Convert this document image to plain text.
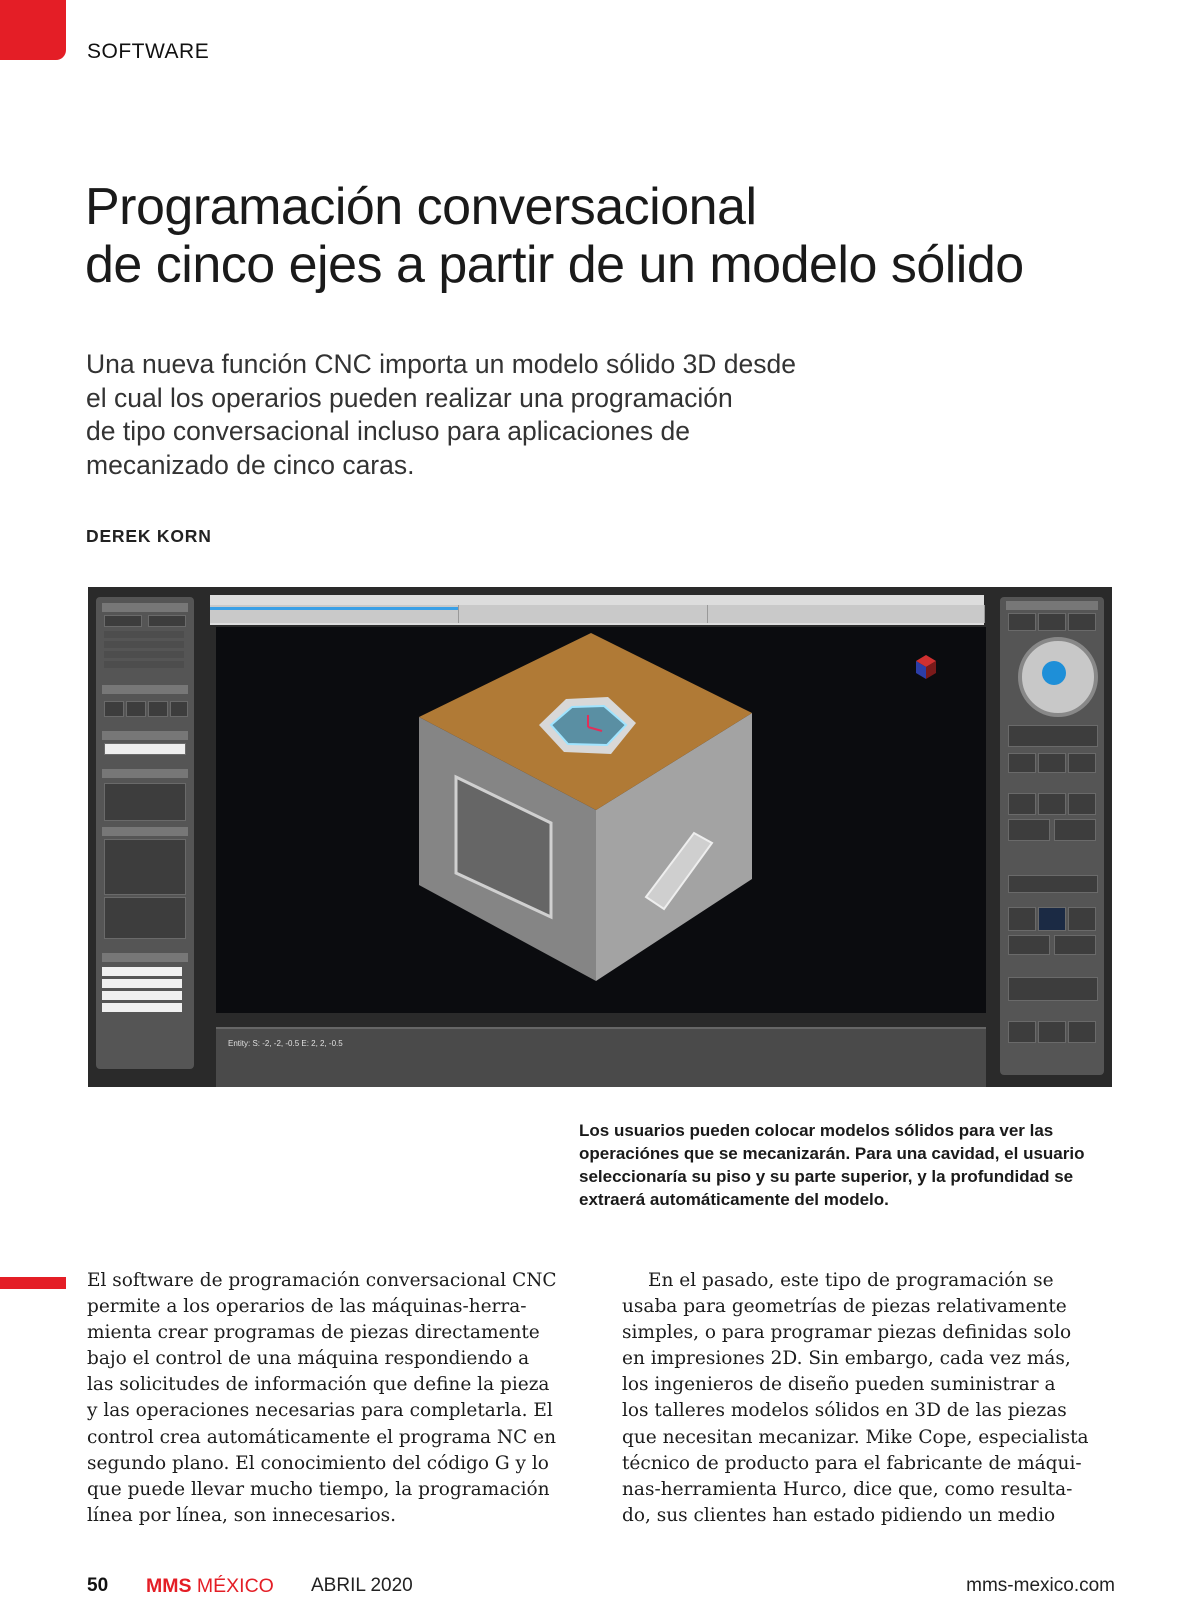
SOFTWARE
Programación conversacional
de cinco ejes a partir de un modelo sólido

Una nueva función CNC importa un modelo sólido 3D desde
el cual los operarios pueden realizar una programación
de tipo conversacional incluso para aplicaciones de
mecanizado de cinco caras.

DEREK KORN
Entity: S: -2, -2, -0.5 E: 2, 2, -0.5

Los usuarios pueden colocar modelos sólidos para ver las
operaciónes que se mecanizarán. Para una cavidad, el usuario
seleccionaría su piso y su parte superior, y la profundidad se
extraerá automáticamente del modelo.

El software de programación conversacional CNC
permite a los operarios de las máquinas-herra-
mienta crear programas de piezas directamente
bajo el control de una máquina respondiendo a
las solicitudes de información que define la pieza
y las operaciones necesarias para completarla. El
control crea automáticamente el programa NC en
segundo plano. El conocimiento del código G y lo
que puede llevar mucho tiempo, la programación
línea por línea, son innecesarios.

En el pasado, este tipo de programación se
usaba para geometrías de piezas relativamente
simples, o para programar piezas definidas solo
en impresiones 2D. Sin embargo, cada vez más,
los ingenieros de diseño pueden suministrar a
los talleres modelos sólidos en 3D de las piezas
que necesitan mecanizar. Mike Cope, especialista
técnico de producto para el fabricante de máqui-
nas-herramienta Hurco, dice que, como resulta-
do, sus clientes han estado pidiendo un medio

50 MMS MÉXICO ABRIL 2020	mms-mexico.com
